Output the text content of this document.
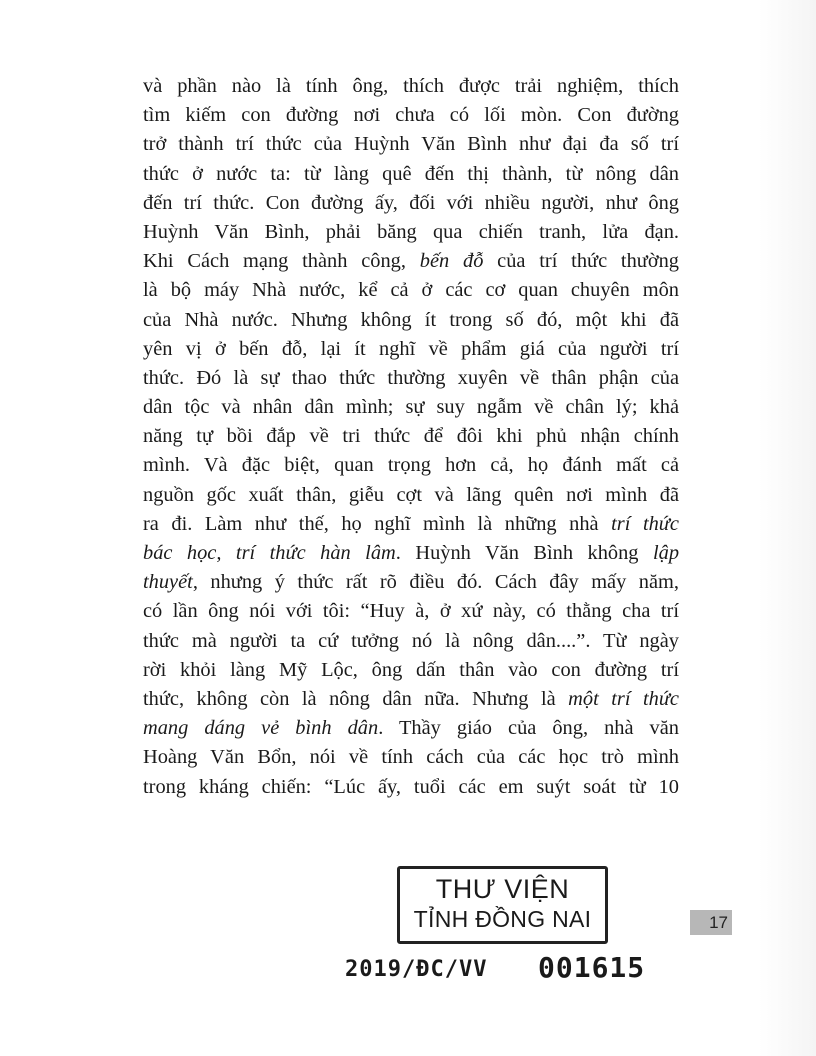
và phần nào là tính ông, thích được trải nghiệm, thích
tìm kiếm con đường nơi chưa có lối mòn. Con đường
trở thành trí thức của Huỳnh Văn Bình như đại đa số trí
thức ở nước ta: từ làng quê đến thị thành, từ nông dân
đến trí thức. Con đường ấy, đối với nhiều người, như ông
Huỳnh Văn Bình, phải băng qua chiến tranh, lửa đạn.
Khi Cách mạng thành công, bến đỗ của trí thức thường
là bộ máy Nhà nước, kể cả ở các cơ quan chuyên môn
của Nhà nước. Nhưng không ít trong số đó, một khi đã
yên vị ở bến đỗ, lại ít nghĩ về phẩm giá của người trí
thức. Đó là sự thao thức thường xuyên về thân phận của
dân tộc và nhân dân mình; sự suy ngẫm về chân lý; khả
năng tự bồi đắp về tri thức để đôi khi phủ nhận chính
mình. Và đặc biệt, quan trọng hơn cả, họ đánh mất cả
nguồn gốc xuất thân, giễu cợt và lãng quên nơi mình đã
ra đi. Làm như thế, họ nghĩ mình là những nhà trí thức
bác học, trí thức hàn lâm. Huỳnh Văn Bình không lập
thuyết, nhưng ý thức rất rõ điều đó. Cách đây mấy năm,
có lần ông nói với tôi: “Huy à, ở xứ này, có thằng cha trí
thức mà người ta cứ tưởng nó là nông dân....”. Từ ngày
rời khỏi làng Mỹ Lộc, ông dấn thân vào con đường trí
thức, không còn là nông dân nữa. Nhưng là một trí thức
mang dáng vẻ bình dân. Thầy giáo của ông, nhà văn
Hoàng Văn Bổn, nói về tính cách của các học trò mình
trong kháng chiến: “Lúc ấy, tuổi các em suýt soát từ 10
THƯ VIỆN
TỈNH ĐỒNG NAI	17
2019/ĐC/VV 001615
